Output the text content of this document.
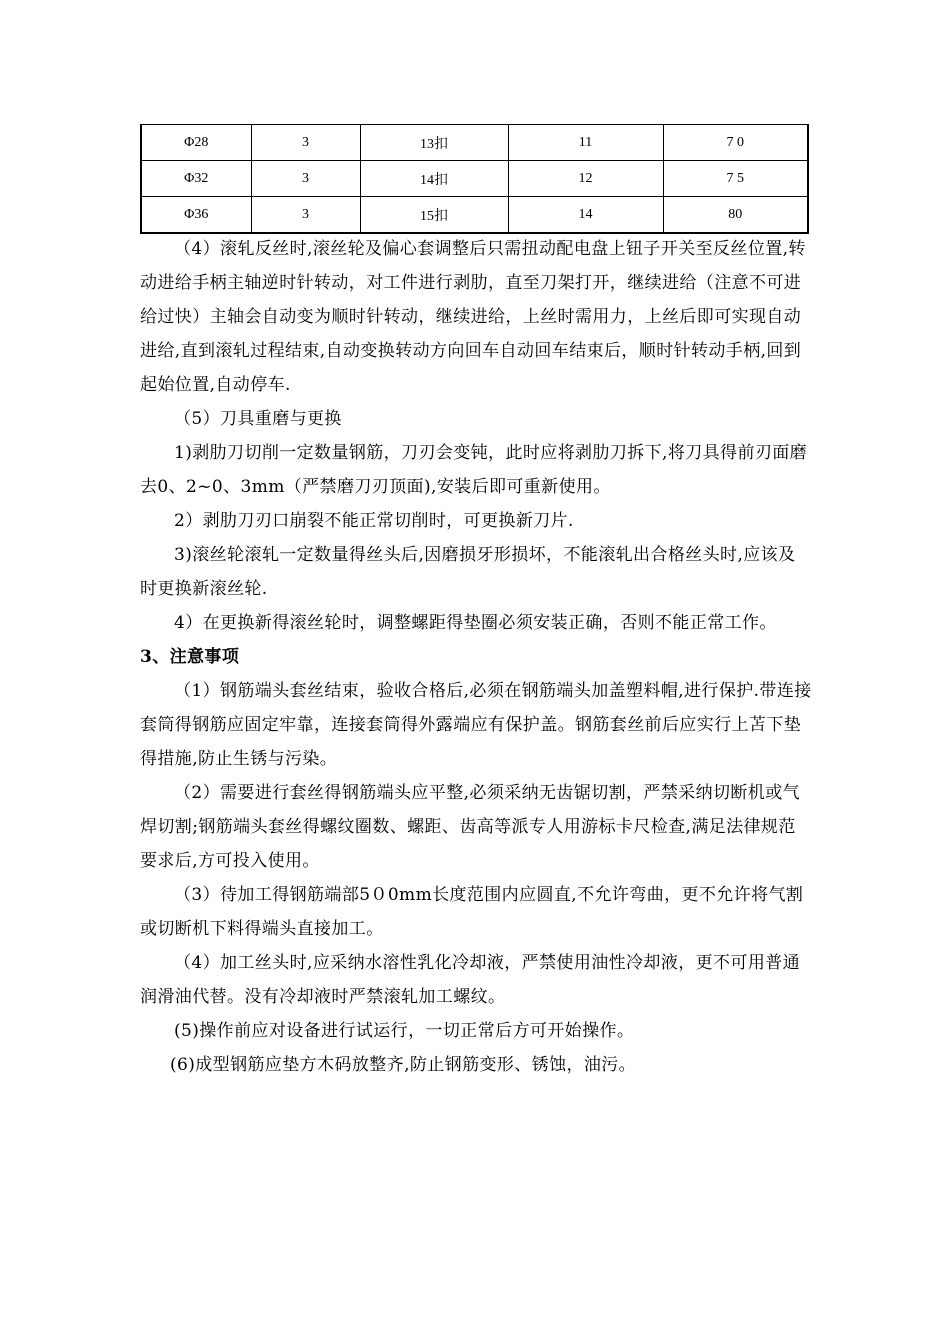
Φ28	3	13扣	11	7 0
Φ32	3	14扣	12	7 5
Φ36	3	15扣	14	80

（4）滚轧反丝时,滚丝轮及偏心套调整后只需扭动配电盘上钮子开关至反丝位置,转动进给手柄主轴逆时针转动，对工件进行剥肋，直至刀架打开，继续进给（注意不可进给过快）主轴会自动变为顺时针转动，继续进给，上丝时需用力，上丝后即可实现自动进给,直到滚轧过程结束,自动变换转动方向回车自动回车结束后，顺时针转动手柄,回到起始位置,自动停车.

（5）刀具重磨与更换

1)剥肋刀切削一定数量钢筋，刀刃会变钝，此时应将剥肋刀拆下,将刀具得前刃面磨去0、2~0、3mm（严禁磨刀刃顶面),安装后即可重新使用。

2）剥肋刀刃口崩裂不能正常切削时，可更换新刀片.

3)滚丝轮滚轧一定数量得丝头后,因磨损牙形损坏，不能滚轧出合格丝头时,应该及时更换新滚丝轮.

4）在更换新得滚丝轮时，调整螺距得垫圈必须安装正确，否则不能正常工作。

3、注意事项

（1）钢筋端头套丝结束，验收合格后,必须在钢筋端头加盖塑料帽,进行保护.带连接套筒得钢筋应固定牢靠，连接套筒得外露端应有保护盖。钢筋套丝前后应实行上苫下垫得措施,防止生锈与污染。

（2）需要进行套丝得钢筋端头应平整,必须采纳无齿锯切割，严禁采纳切断机或气焊切割;钢筋端头套丝得螺纹圈数、螺距、齿高等派专人用游标卡尺检查,满足法律规范要求后,方可投入使用。

（3）待加工得钢筋端部5０0mm长度范围内应圆直,不允许弯曲，更不允许将气割或切断机下料得端头直接加工。

（4）加工丝头时,应采纳水溶性乳化冷却液，严禁使用油性冷却液，更不可用普通润滑油代替。没有冷却液时严禁滚轧加工螺纹。

(5)操作前应对设备进行试运行，一切正常后方可开始操作。

(6)成型钢筋应垫方木码放整齐,防止钢筋变形、锈蚀，油污。
